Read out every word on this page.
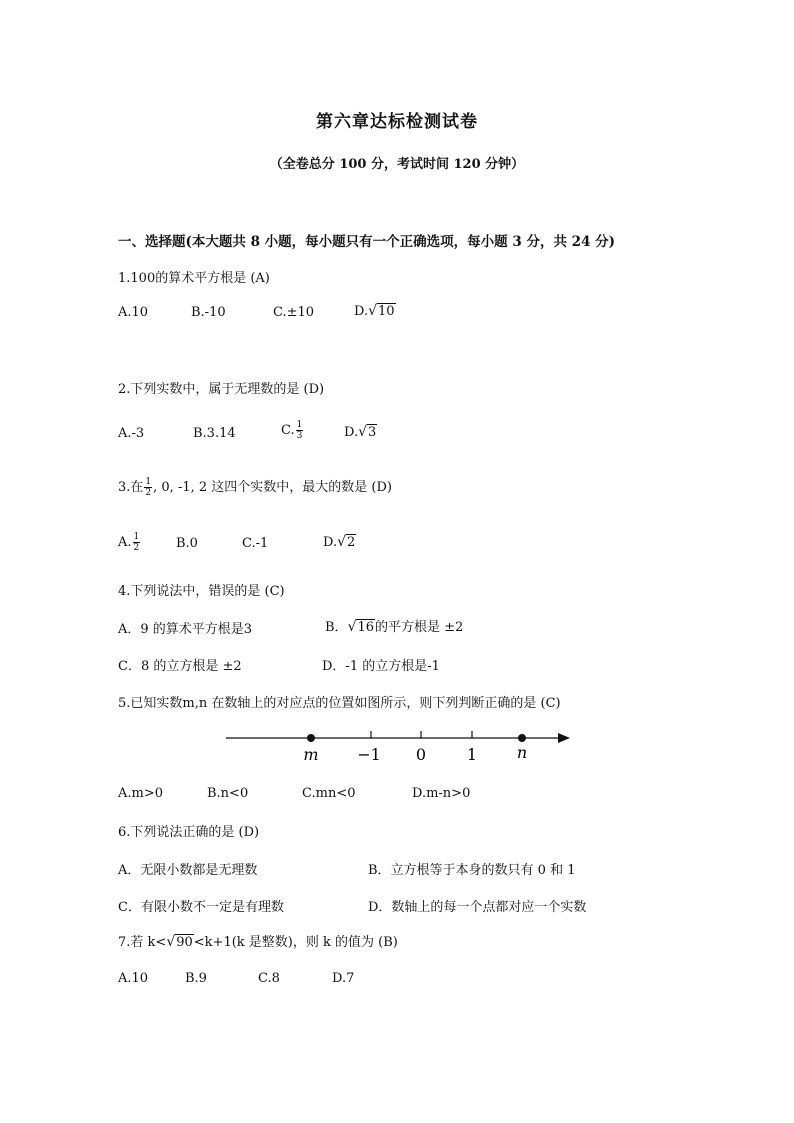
第六章达标检测试卷
（全卷总分 100 分，考试时间 120 分钟）
一、选择题(本大题共 8 小题，每小题只有一个正确选项，每小题 3 分，共 24 分)
1.100的算术平方根是 (A)
A.10	B.-10	C.±10	D.√10
2.下列实数中，属于无理数的是 (D)
A.-3	B.3.14	C. $\frac{1}{3}$	D.√3
3.在 $\frac{1}{2}$ , 0, -1, 2 这四个实数中，最大的数是 (D)
A. $\frac{1}{2}$	B.0	C.-1	D.√2
4.下列说法中，错误的是 (C)
A．9 的算术平方根是3	B．√16的平方根是 ±2
C．8 的立方根是 ±2	D．-1 的立方根是-1
5.已知实数m,n 在数轴上的对应点的位置如图所示，则下列判断正确的是 (C)
m −1 0	1 n
A.m>0	B.n<0	C.mn<0	D.m-n>0
6.下列说法正确的是 (D)
A．无限小数都是无理数	B．立方根等于本身的数只有 0 和 1
C．有限小数不一定是有理数	D．数轴上的每一个点都对应一个实数
7.若 k<√90<k+1(k 是整数)，则 k 的值为 (B)
A.10	B.9	C.8	D.7
